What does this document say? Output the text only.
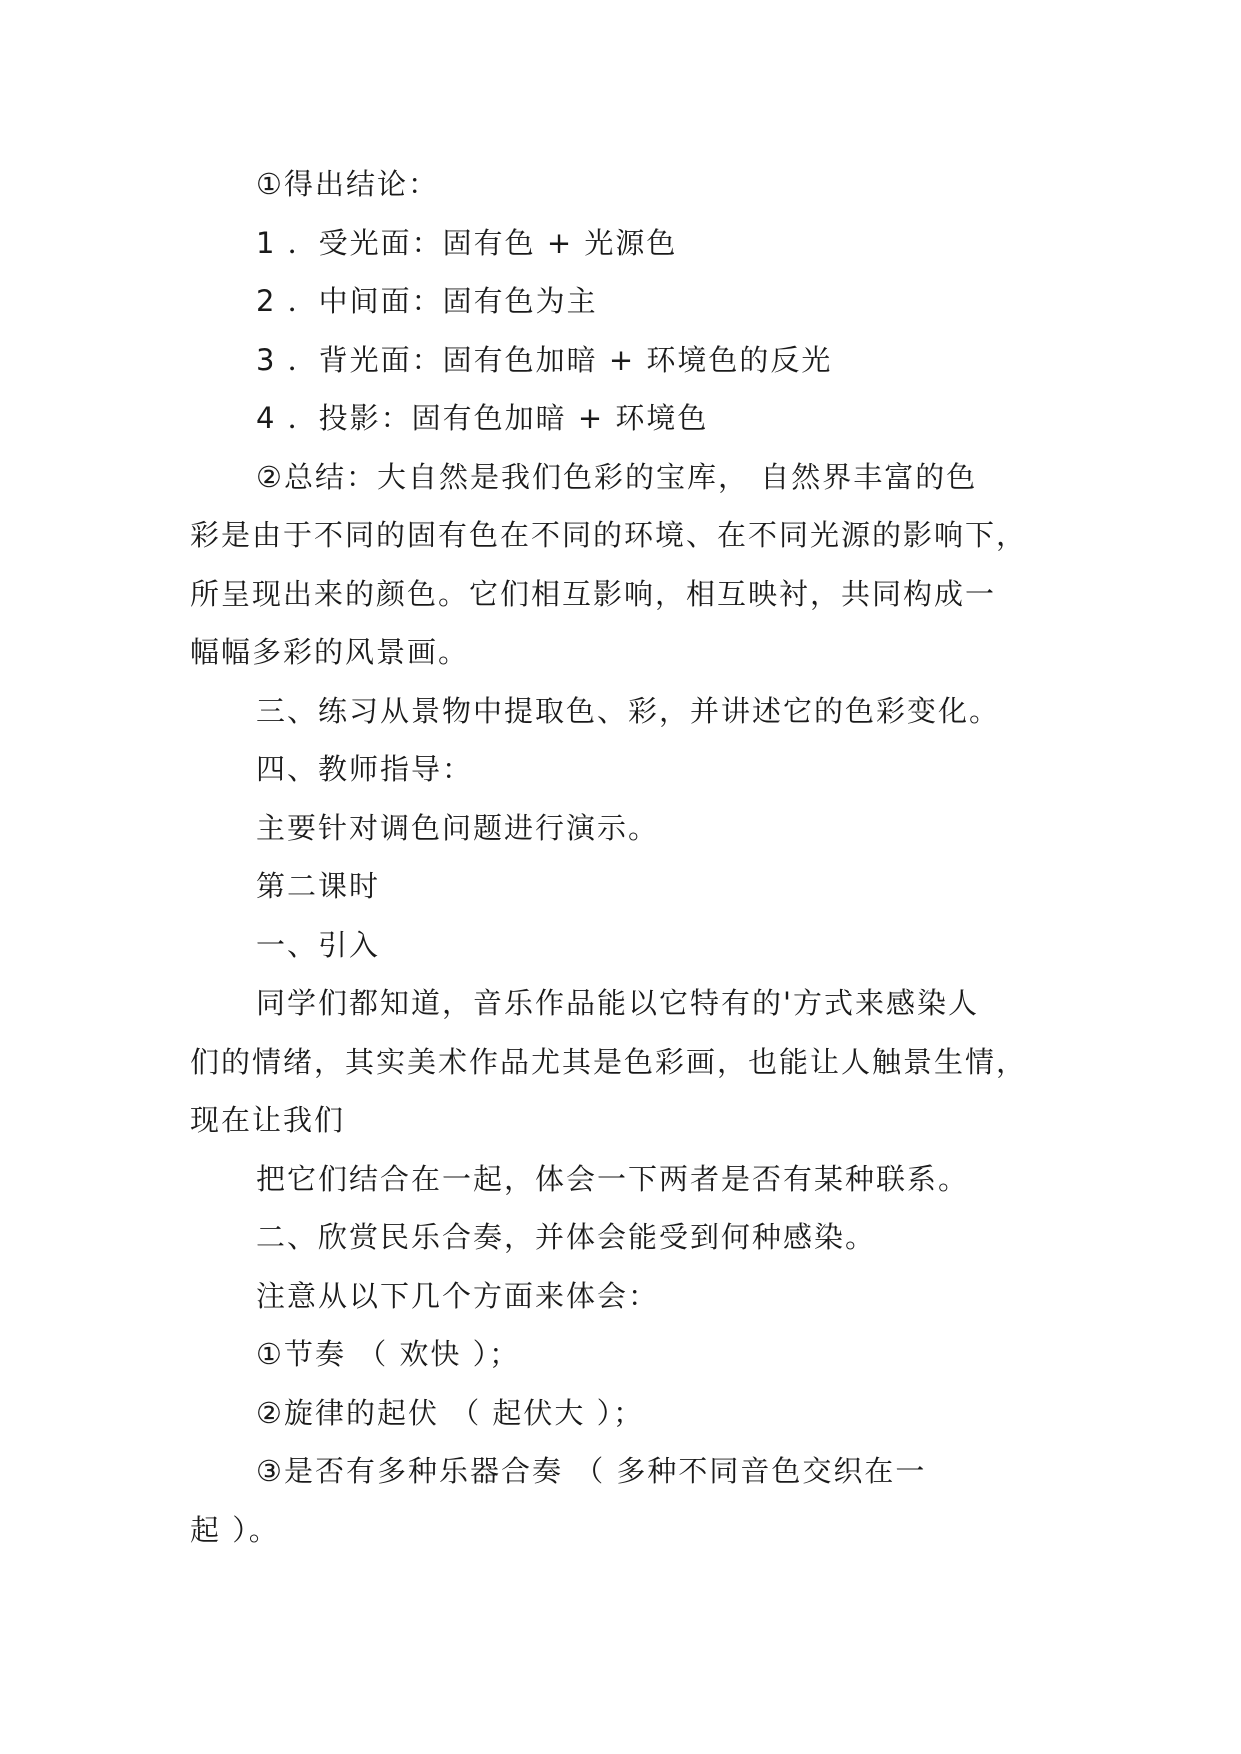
①得出结论：

1 ．受光面：固有色 + 光源色

2 ．中间面：固有色为主

3 ．背光面：固有色加暗 + 环境色的反光

4 ．投影：固有色加暗 + 环境色

②总结：大自然是我们色彩的宝库， 自然界丰富的色
彩是由于不同的固有色在不同的环境、在不同光源的影响下，
所呈现出来的颜色。它们相互影响，相互映衬，共同构成一
幅幅多彩的风景画。

三、练习从景物中提取色、彩，并讲述它的色彩变化。

四、教师指导：

主要针对调色问题进行演示。

第二课时

一、引入

同学们都知道，音乐作品能以它特有的'方式来感染人
们的情绪，其实美术作品尤其是色彩画，也能让人触景生情，
现在让我们

把它们结合在一起，体会一下两者是否有某种联系。

二、欣赏民乐合奏，并体会能受到何种感染。

注意从以下几个方面来体会：

①节奏 （ 欢快 ）；

②旋律的起伏 （ 起伏大 ）；

③是否有多种乐器合奏 （ 多种不同音色交织在一
起 ）。
